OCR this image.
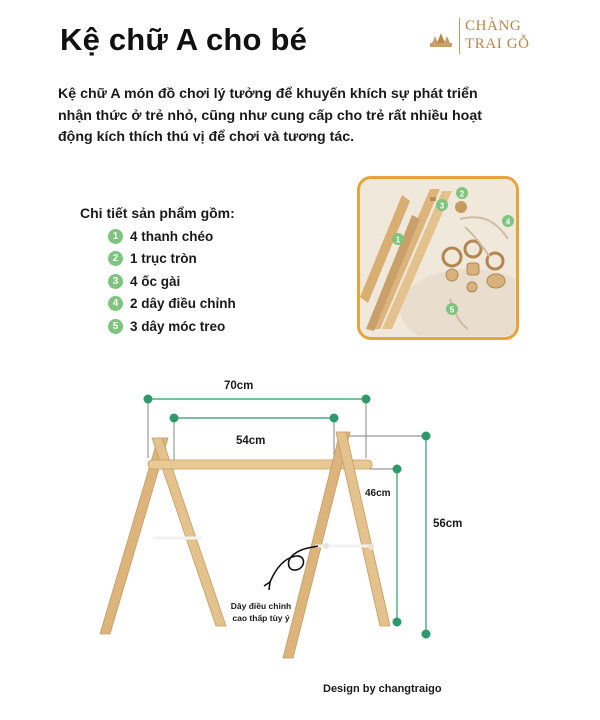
Kệ chữ A cho bé	CHÀNG
TRAI GỖ
Kệ chữ A món đồ chơi lý tưởng để khuyến khích sự phát triển nhận thức ở trẻ nhỏ, cũng như cung cấp cho trẻ rất nhiều hoạt động kích thích thú vị để chơi và tương tác.
Chi tiết sản phẩm gồm:
1 4 thanh chéo
2 1 trục tròn
3 4 ốc gài
4 2 dây điều chỉnh
5 3 dây móc treo
1
2
3
4
5
70cm
54cm
46cm
56cm
Dây điều chỉnh cao thấp tùy ý
Design by changtraigo
